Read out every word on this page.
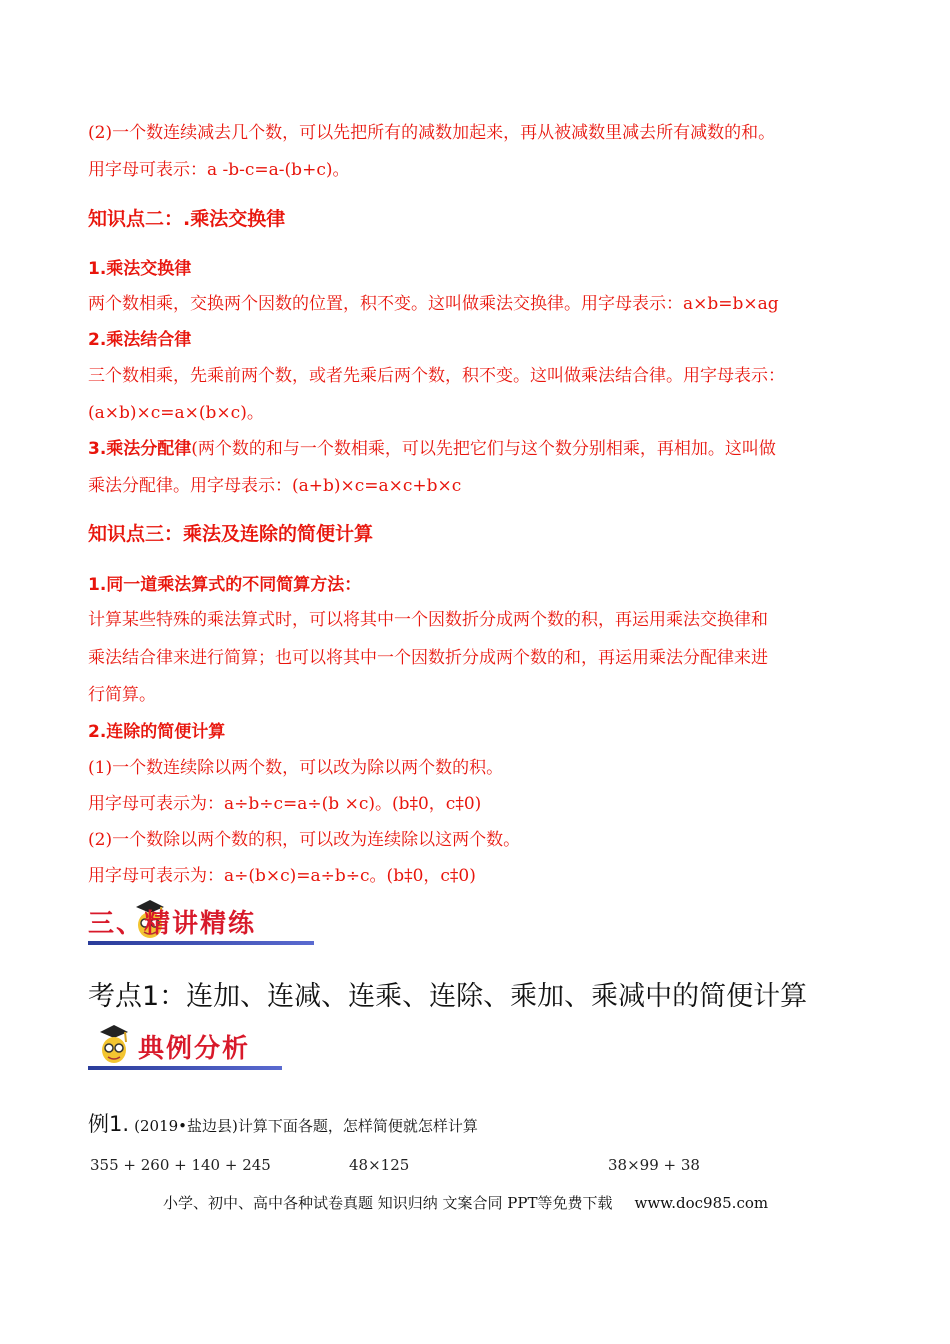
(2)一个数连续减去几个数，可以先把所有的减数加起来，再从被减数里减去所有减数的和。
用字母可表示：a -b-c=a-(b+c)。
知识点二：.乘法交换律
1.乘法交换律
两个数相乘，交换两个因数的位置，积不变。这叫做乘法交换律。用字母表示：a×b=b×ag
2.乘法结合律
三个数相乘，先乘前两个数，或者先乘后两个数，积不变。这叫做乘法结合律。用字母表示：
(a×b)×c=a×(b×c)。
3.乘法分配律(两个数的和与一个数相乘，可以先把它们与这个数分别相乘，再相加。这叫做
乘法分配律。用字母表示：(a+b)×c=a×c+b×c
知识点三：乘法及连除的简便计算
1.同一道乘法算式的不同简算方法：
计算某些特殊的乘法算式时，可以将其中一个因数折分成两个数的积，再运用乘法交换律和
乘法结合律来进行简算；也可以将其中一个因数折分成两个数的和，再运用乘法分配律来进
行简算。
2.连除的简便计算
(1)一个数连续除以两个数，可以改为除以两个数的积。
用字母可表示为：a÷b÷c=a÷(b ×c)。(b‡0，c‡0)
(2)一个数除以两个数的积，可以改为连续除以这两个数。
用字母可表示为：a÷(b×c)=a÷b÷c。(b‡0，c‡0)
三、精讲精练
考点1：连加、连减、连乘、连除、乘加、乘减中的简便计算
典例分析
例1. (2019•盐边县)计算下面各题，怎样简便就怎样计算
355 + 260 + 140 + 245	48×125	38×99 + 38
小学、初中、高中各种试卷真题 知识归纳 文案合同 PPT等免费下载 www.doc985.com
